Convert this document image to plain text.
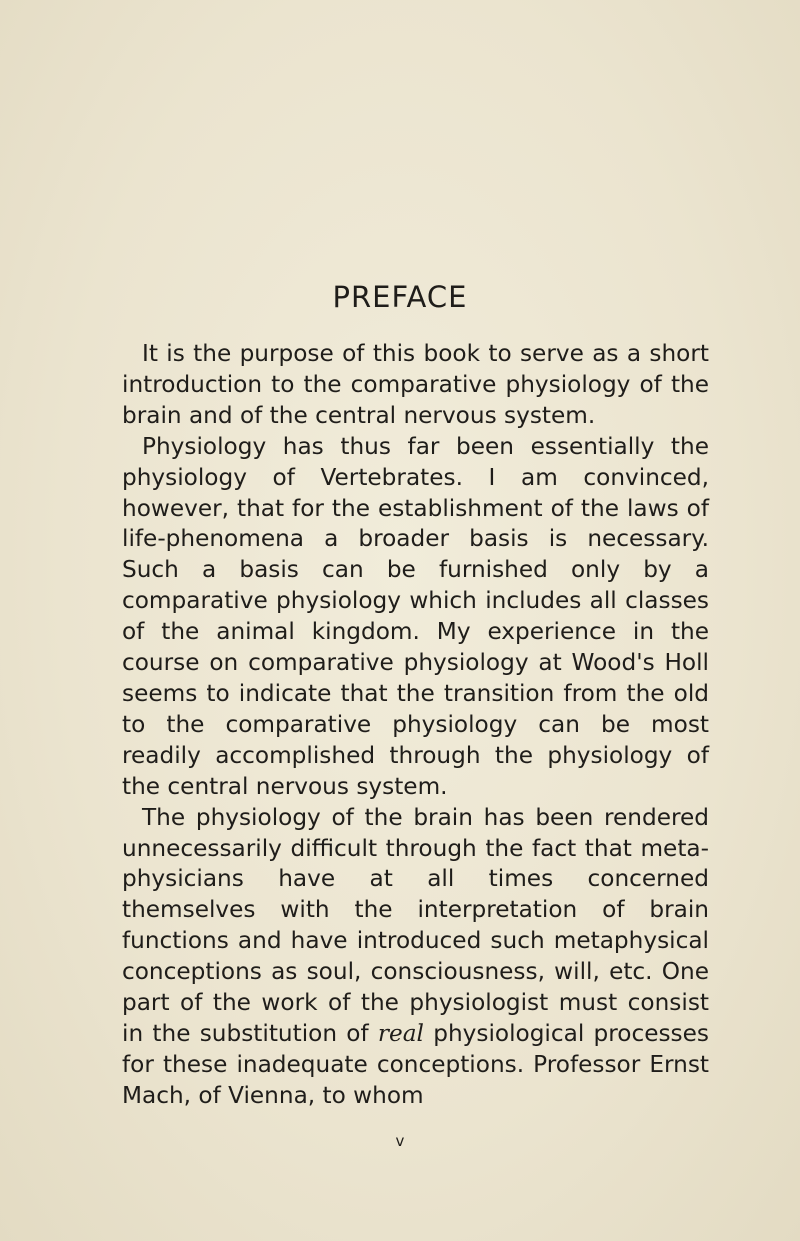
PREFACE

It is the purpose of this book to serve as a short introduction to the comparative physiology of the brain and of the central nervous system.

Physiology has thus far been essentially the physiology of Vertebrates. I am convinced, however, that for the establishment of the laws of life-phenomena a broader basis is necessary. Such a basis can be furnished only by a comparative physiology which includes all classes of the animal kingdom. My experience in the course on comparative physiology at Wood's Holl seems to indicate that the transition from the old to the comparative physiology can be most readily accomplished through the physiology of the central nervous system.

The physiology of the brain has been rendered unnecessarily difficult through the fact that metaphysicians have at all times concerned themselves with the interpretation of brain functions and have introduced such metaphysical conceptions as soul, consciousness, will, etc. One part of the work of the physiologist must consist in the substitution of real physiological processes for these inadequate conceptions. Professor Ernst Mach, of Vienna, to whom

v
